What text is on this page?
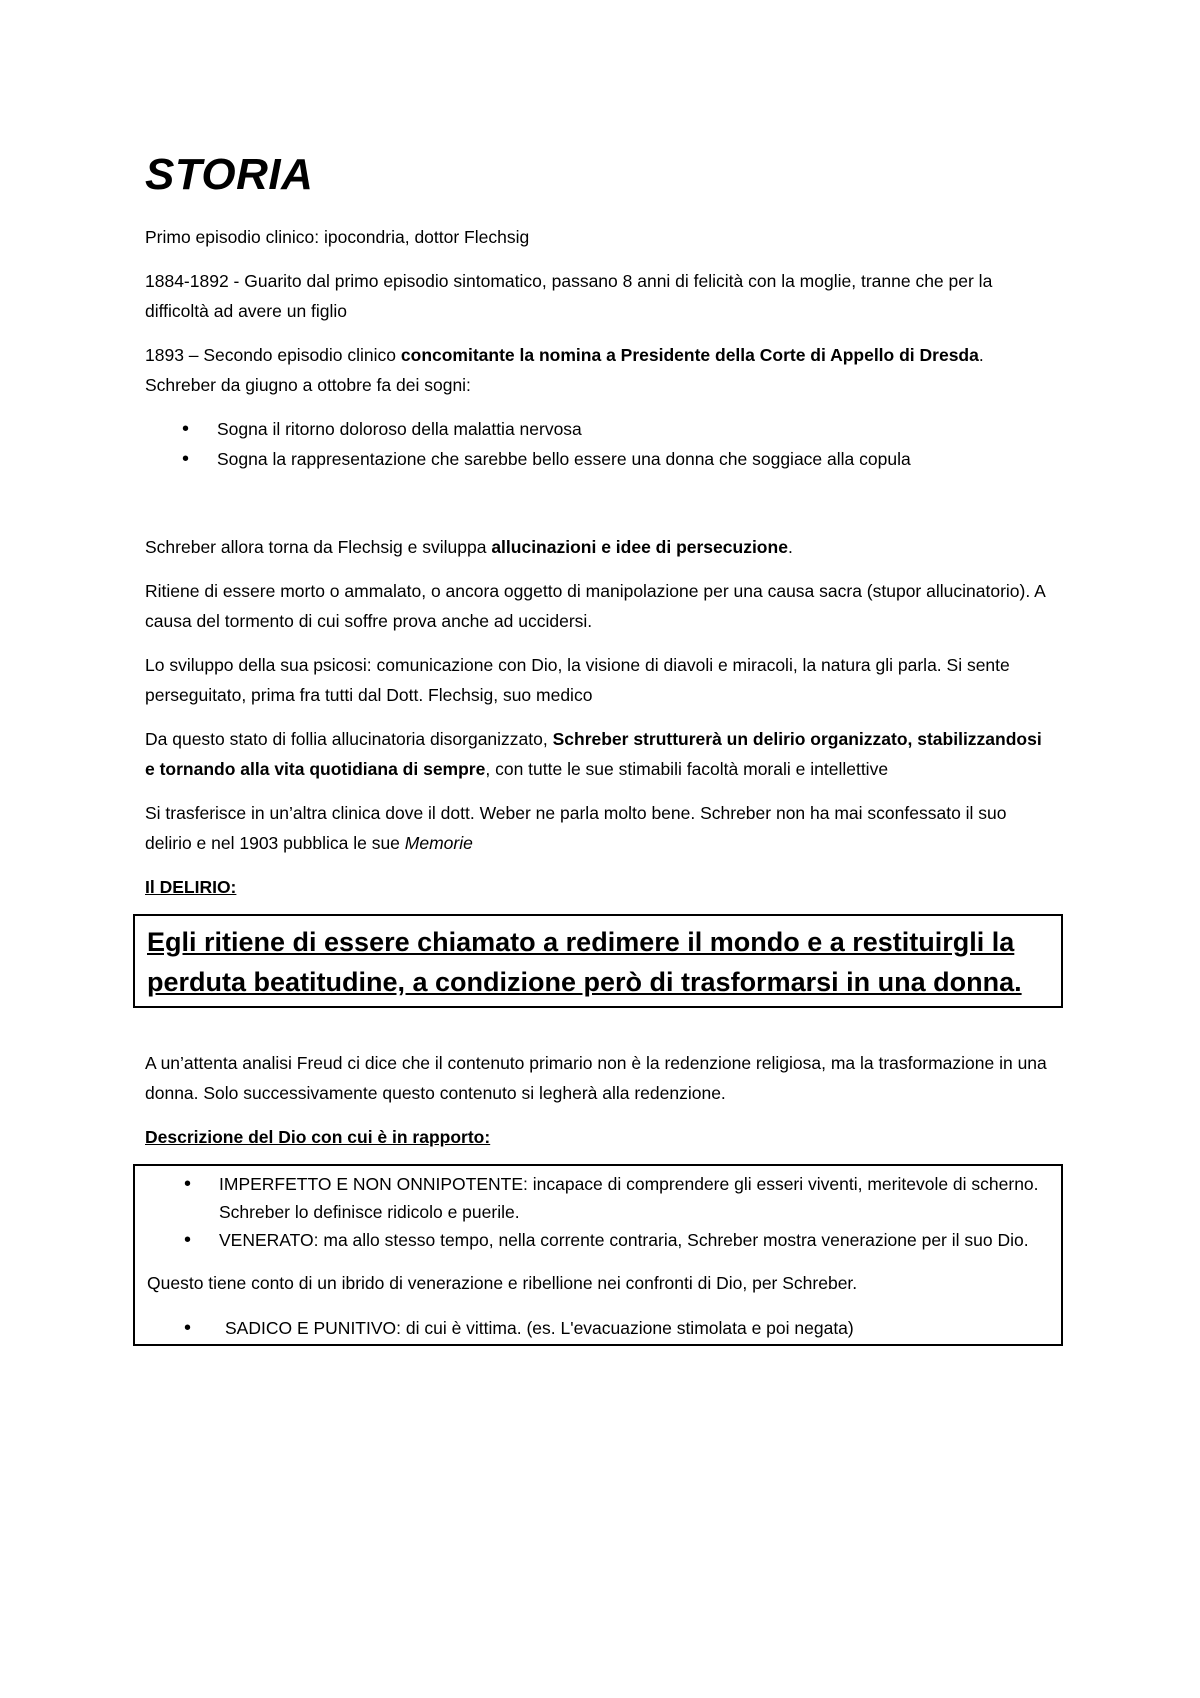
STORIA

Primo episodio clinico: ipocondria, dottor Flechsig

1884-1892 - Guarito dal primo episodio sintomatico, passano 8 anni di felicità con la moglie, tranne che per la difficoltà ad avere un figlio

1893 – Secondo episodio clinico concomitante la nomina a Presidente della Corte di Appello di Dresda. Schreber da giugno a ottobre fa dei sogni:

• Sogna il ritorno doloroso della malattia nervosa
• Sogna la rappresentazione che sarebbe bello essere una donna che soggiace alla copula

Schreber allora torna da Flechsig e sviluppa allucinazioni e idee di persecuzione.

Ritiene di essere morto o ammalato, o ancora oggetto di manipolazione per una causa sacra (stupor allucinatorio). A causa del tormento di cui soffre prova anche ad uccidersi.

Lo sviluppo della sua psicosi: comunicazione con Dio, la visione di diavoli e miracoli, la natura gli parla. Si sente perseguitato, prima fra tutti dal Dott. Flechsig, suo medico

Da questo stato di follia allucinatoria disorganizzato, Schreber strutturerà un delirio organizzato, stabilizzandosi e tornando alla vita quotidiana di sempre, con tutte le sue stimabili facoltà morali e intellettive

Si trasferisce in un’altra clinica dove il dott. Weber ne parla molto bene. Schreber non ha mai sconfessato il suo delirio e nel 1903 pubblica le sue Memorie

Il DELIRIO:

Egli ritiene di essere chiamato a redimere il mondo e a restituirgli la perduta beatitudine, a condizione però di trasformarsi in una donna.

A un’attenta analisi Freud ci dice che il contenuto primario non è la redenzione religiosa, ma la trasformazione in una donna. Solo successivamente questo contenuto si legherà alla redenzione.

Descrizione del Dio con cui è in rapporto:
• IMPERFETTO E NON ONNIPOTENTE: incapace di comprendere gli esseri viventi, meritevole di scherno. Schreber lo definisce ridicolo e puerile.
• VENERATO: ma allo stesso tempo, nella corrente contraria, Schreber mostra venerazione per il suo Dio.

Questo tiene conto di un ibrido di venerazione e ribellione nei confronti di Dio, per Schreber.

• SADICO E PUNITIVO: di cui è vittima. (es. L'evacuazione stimolata e poi negata)
